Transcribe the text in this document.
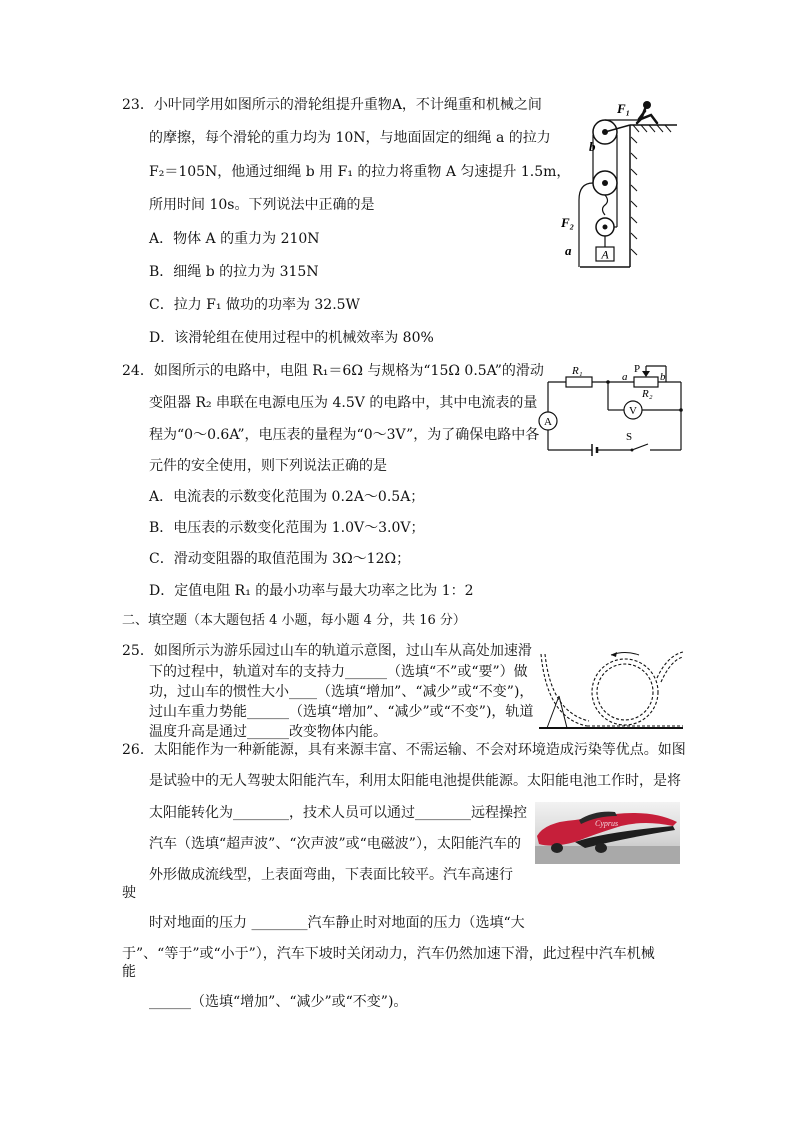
23．小叶同学用如图所示的滑轮组提升重物A，不计绳重和机械之间
的摩擦，每个滑轮的重力均为 10N，与地面固定的细绳 a 的拉力
F₂＝105N，他通过细绳 b 用 F₁ 的拉力将重物 A 匀速提升 1.5m，
所用时间 10s。下列说法中正确的是
A．物体 A 的重力为 210N
B．细绳 b 的拉力为 315N
C．拉力 F₁ 做功的功率为 32.5W
D．该滑轮组在使用过程中的机械效率为 80%
A
F₁
b
F₂
a
24．如图所示的电路中，电阻 R₁＝6Ω 与规格为“15Ω 0.5A”的滑动
变阻器 R₂ 串联在电源电压为 4.5V 的电路中，其中电流表的量
程为“0～0.6A”，电压表的量程为“0～3V”，为了确保电路中各
元件的安全使用，则下列说法正确的是
A．电流表的示数变化范围为 0.2A～0.5A；
B．电压表的示数变化范围为 1.0V～3.0V；
C．滑动变阻器的取值范围为 3Ω～12Ω；
D．定值电阻 R₁ 的最小功率与最大功率之比为 1：2
A
V
R₁	a
P
b
R₂
S
二、填空题（本大题包括 4 小题，每小题 4 分，共 16 分）
25．如图所示为游乐园过山车的轨道示意图，过山车从高处加速滑
下的过程中，轨道对车的支持力______（选填“不”或“要”）做
功，过山车的惯性大小____（选填“增加”、“减少”或“不变”)，
过山车重力势能______（选填“增加”、“减少”或“不变”)，轨道
温度升高是通过______改变物体内能。
26．太阳能作为一种新能源，具有来源丰富、不需运输、不会对环境造成污染等优点。如图
是试验中的无人驾驶太阳能汽车，利用太阳能电池提供能源。太阳能电池工作时，是将
太阳能转化为________，技术人员可以通过________远程操控
汽车（选填“超声波”、“次声波”或“电磁波”），太阳能汽车的
外形做成流线型，上表面弯曲，下表面比较平。汽车高速行
驶
时对地面的压力 ________汽车静止时对地面的压力（选填“大
于”、“等于”或“小于”），汽车下坡时关闭动力，汽车仍然加速下滑，此过程中汽车机械
能
______（选填“增加”、“减少”或“不变”)。
Cyprus
